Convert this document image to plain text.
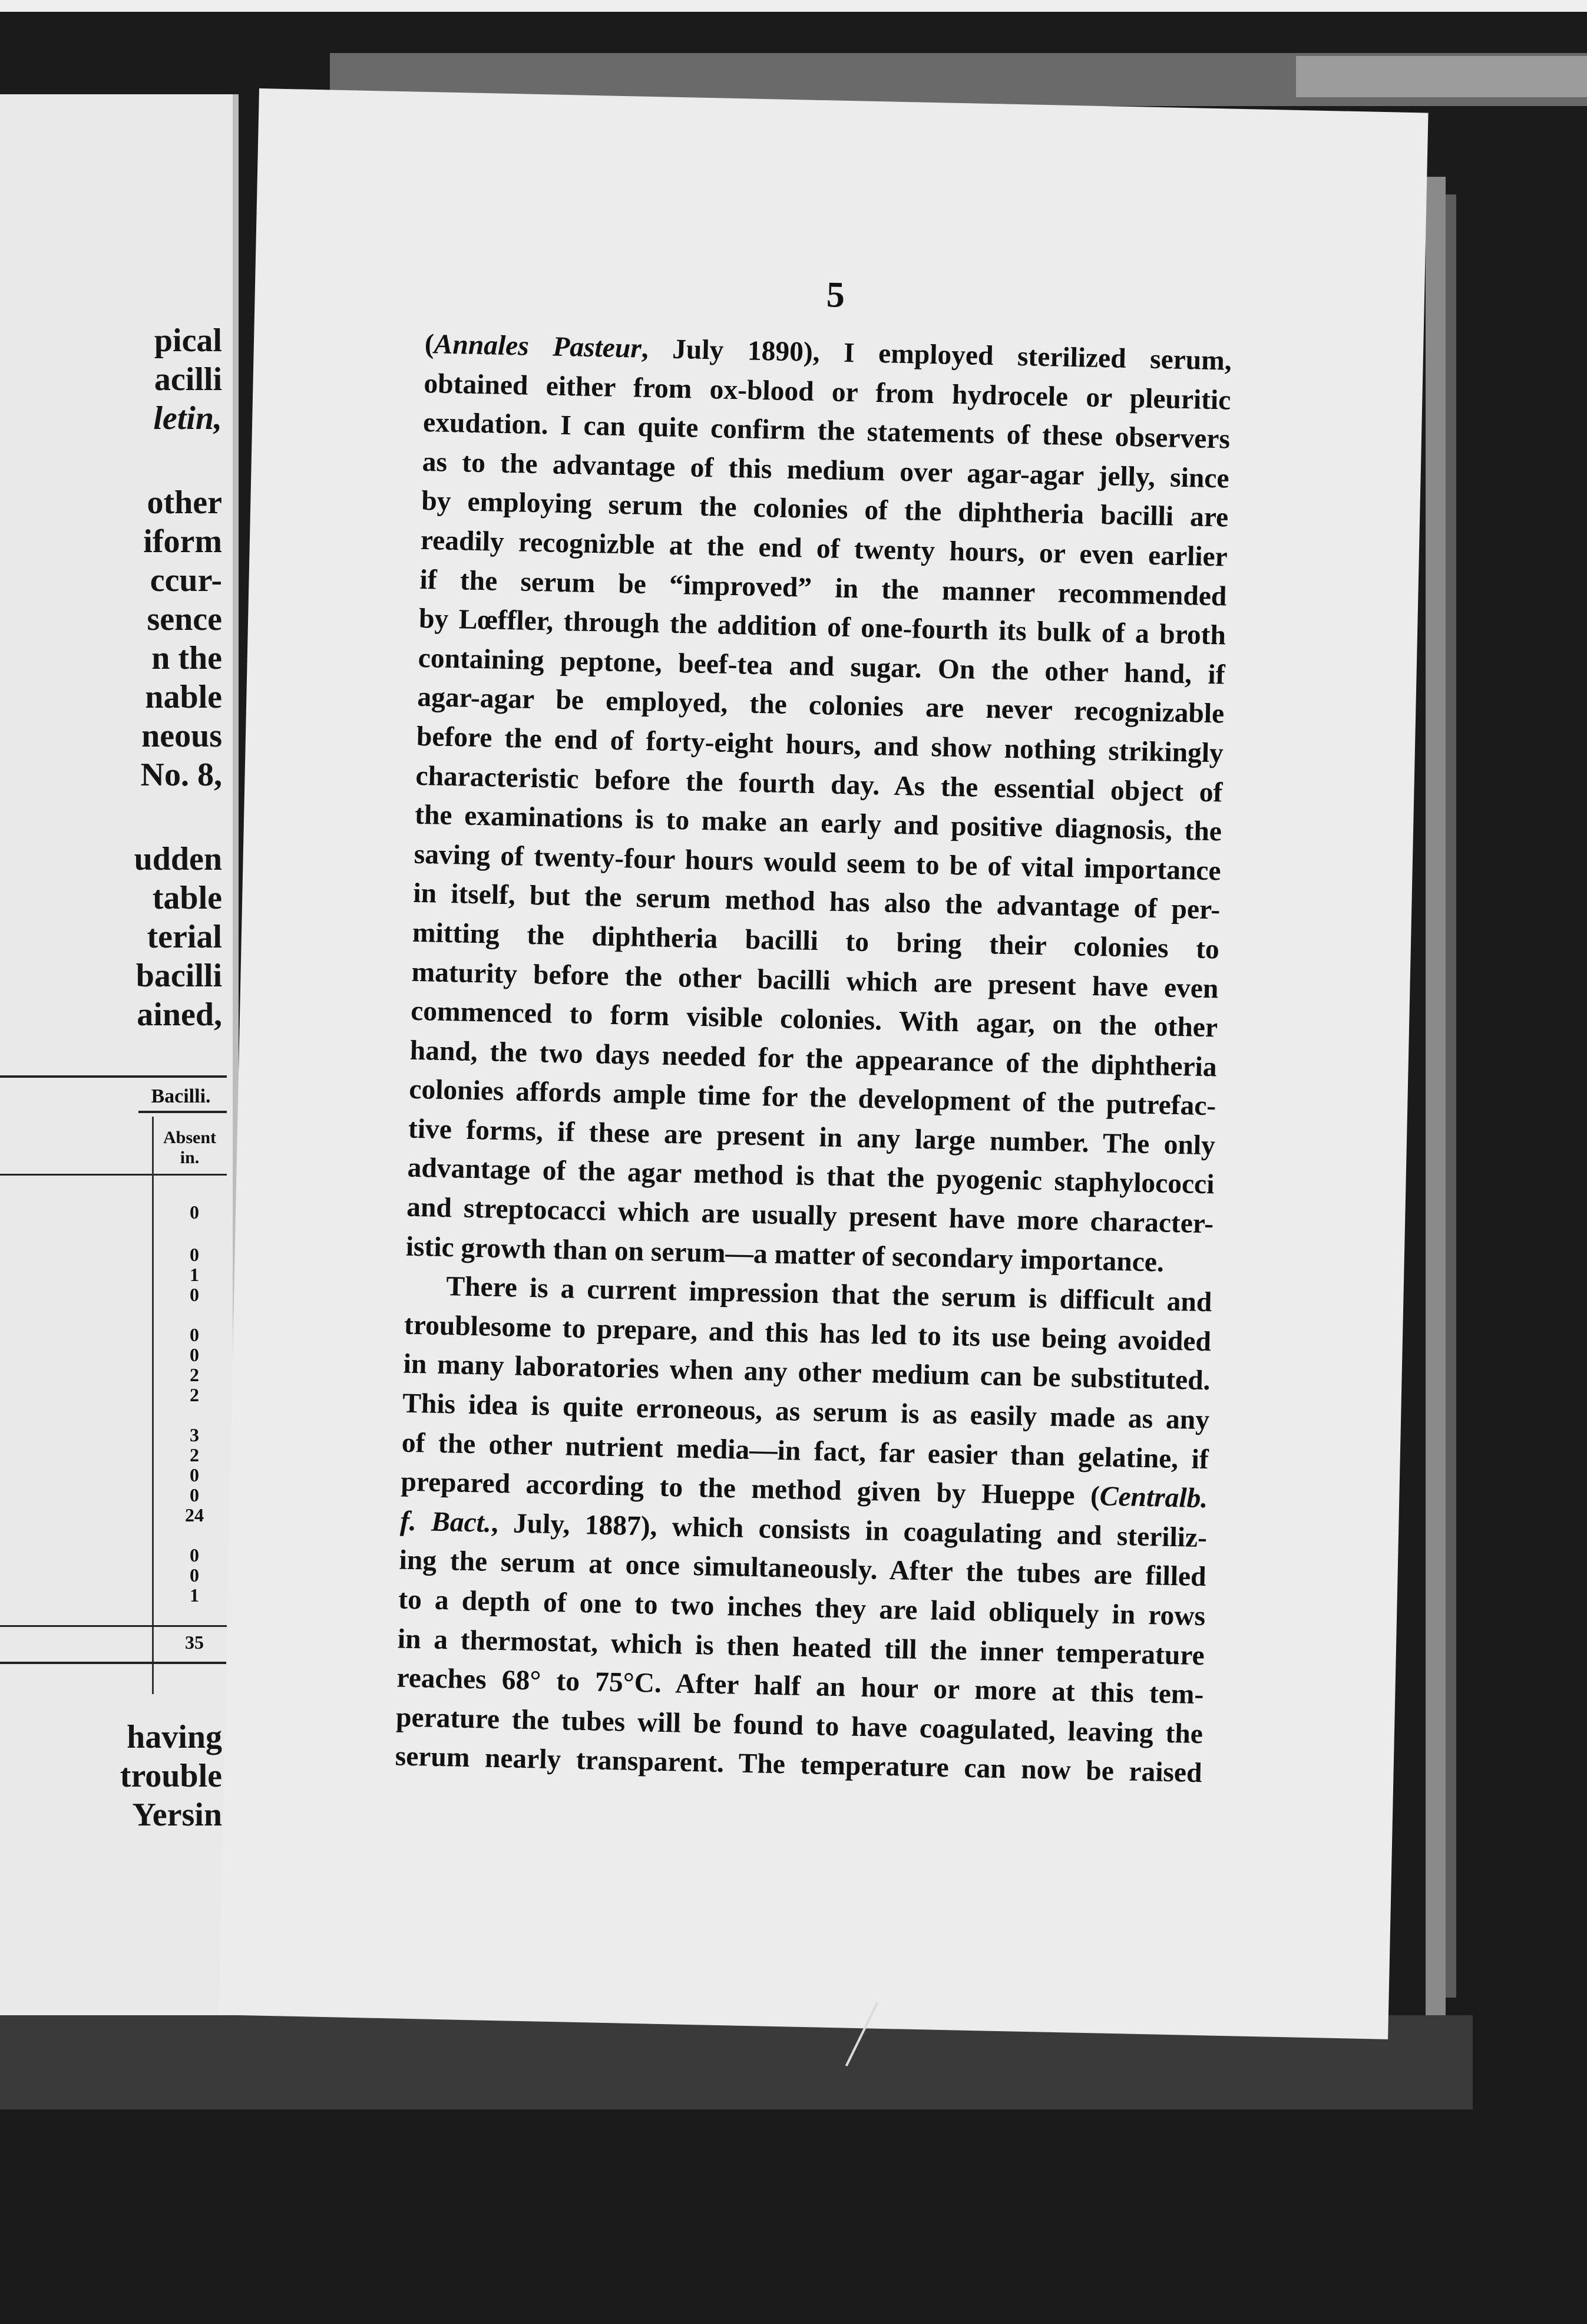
pical
acilli
letin,
other
iform
ccur-
sence
n the
nable
neous
No. 8,
udden
table
terial
bacilli
ained,
Bacilli.
Absent
in.
0
0
1
0
0
0
2
2
3
2
0
0
24
0
0
1
35
having
trouble
Yersin
5
(Annales Pasteur, July 1890), I employed sterilized serum,
obtained either from ox-blood or from hydrocele or pleuritic
exudation. I can quite confirm the statements of these observers
as to the advantage of this medium over agar-agar jelly, since
by employing serum the colonies of the diphtheria bacilli are
readily recognizble at the end of twenty hours, or even earlier
if the serum be “improved” in the manner recommended
by Lœffler, through the addition of one-fourth its bulk of a broth
containing peptone, beef-tea and sugar. On the other hand, if
agar-agar be employed, the colonies are never recognizable
before the end of forty-eight hours, and show nothing strikingly
characteristic before the fourth day. As the essential object of
the examinations is to make an early and positive diagnosis, the
saving of twenty-four hours would seem to be of vital importance
in itself, but the serum method has also the advantage of per-
mitting the diphtheria bacilli to bring their colonies to
maturity before the other bacilli which are present have even
commenced to form visible colonies. With agar, on the other
hand, the two days needed for the appearance of the diphtheria
colonies affords ample time for the development of the putrefac-
tive forms, if these are present in any large number. The only
advantage of the agar method is that the pyogenic staphylococci
and streptocacci which are usually present have more character-
istic growth than on serum—a matter of secondary importance.
There is a current impression that the serum is difficult and
troublesome to prepare, and this has led to its use being avoided
in many laboratories when any other medium can be substituted.
This idea is quite erroneous, as serum is as easily made as any
of the other nutrient media—in fact, far easier than gelatine, if
prepared according to the method given by Hueppe (Centralb.
f. Bact., July, 1887), which consists in coagulating and steriliz-
ing the serum at once simultaneously. After the tubes are filled
to a depth of one to two inches they are laid obliquely in rows
in a thermostat, which is then heated till the inner temperature
reaches 68° to 75°C. After half an hour or more at this tem-
perature the tubes will be found to have coagulated, leaving the
serum nearly transparent. The temperature can now be raised
